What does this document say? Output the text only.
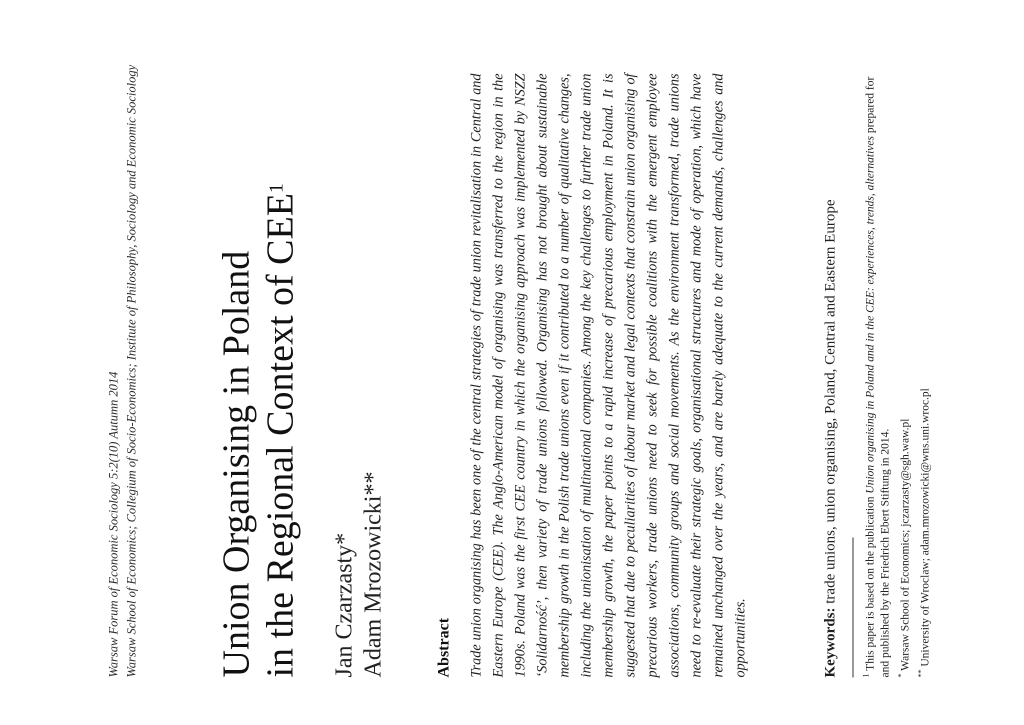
Warsaw Forum of Economic Sociology 5:2(10) Autumn 2014 Warsaw School of Economics; Collegium of Socio-Economics; Institute of Philosophy, Sociology and Economic Sociology Union Organising in Poland in the Regional Context of CEE$^1$
Jan Czarzasty* Adam Mrozowicki**	Abstract Trade union organising has been one of the central strategies of trade union revitalisation in Central and Eastern Europe (CEE). The Anglo-American model of organising was transferred to the region in the 1990s. Poland was the first CEE country in which the organising approach was implemented by NSZZ ‘Solidarność’, then variety of trade unions followed. Organising has not brought about sustainable membership growth in the Polish trade unions even if it contributed to a number of qualitative changes, including the unionisation of multinational companies. Among the key challenges to further trade union membership growth, the paper points to a rapid increase of precarious employment in Poland. It is suggested that due to peculiarities of labour market and legal contexts that constrain union organising of precarious workers, trade unions need to seek for possible coalitions with the emergent employee associations, community groups and social movements. As the environment transformed, trade unions need to re-evaluate their strategic goals, organisational structures and mode of operation, which have remained unchanged over the years, and are barely adequate to the current demands, challenges and opportunities.	Keywords: trade unions, union organising, Poland, Central and Eastern Europe
$^1$ This paper is based on the publication Union organising in Poland and in the CEE: experiences, trends, alternatives prepared for and published by the Friedrich Ebert Stiftung in 2014. * Warsaw School of Economics; jczarzasty@sgh.waw.pl
** University of Wroclaw; adam.mrozowicki@wns.uni.wroc.pl
